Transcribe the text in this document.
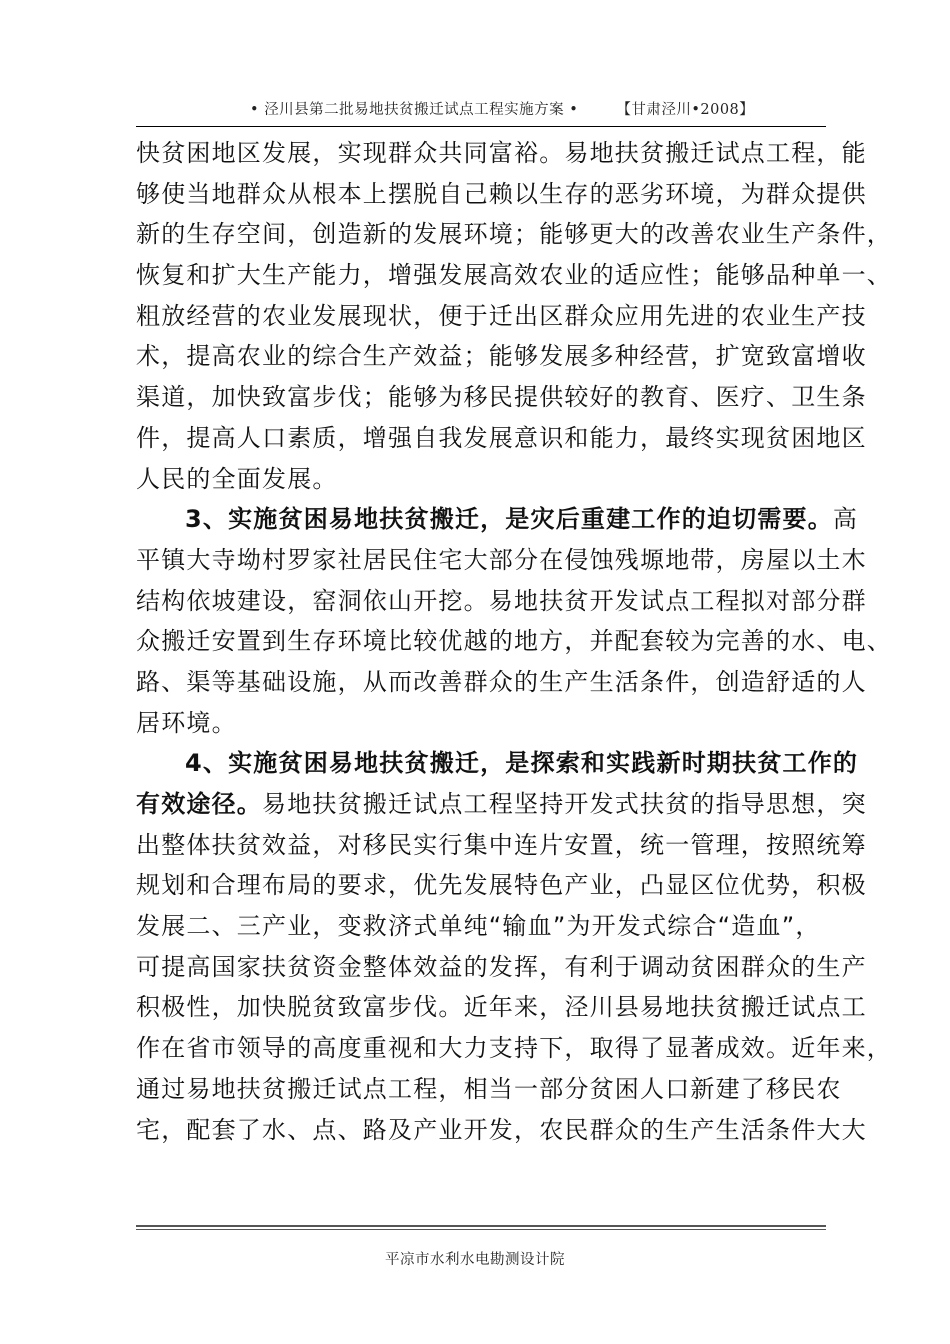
• 泾川县第二批易地扶贫搬迁试点工程实施方案 •	【甘肃泾川•2008】
快贫困地区发展，实现群众共同富裕。易地扶贫搬迁试点工程，能
够使当地群众从根本上摆脱自己赖以生存的恶劣环境，为群众提供
新的生存空间，创造新的发展环境；能够更大的改善农业生产条件，
恢复和扩大生产能力，增强发展高效农业的适应性；能够品种单一、
粗放经营的农业发展现状，便于迁出区群众应用先进的农业生产技
术，提高农业的综合生产效益；能够发展多种经营，扩宽致富增收
渠道，加快致富步伐；能够为移民提供较好的教育、医疗、卫生条
件，提高人口素质，增强自我发展意识和能力，最终实现贫困地区
人民的全面发展。
3、实施贫困易地扶贫搬迁，是灾后重建工作的迫切需要。高
平镇大寺坳村罗家社居民住宅大部分在侵蚀残塬地带，房屋以土木
结构依坡建设，窑洞依山开挖。易地扶贫开发试点工程拟对部分群
众搬迁安置到生存环境比较优越的地方，并配套较为完善的水、电、
路、渠等基础设施，从而改善群众的生产生活条件，创造舒适的人
居环境。
4、实施贫困易地扶贫搬迁，是探索和实践新时期扶贫工作的
有效途径。易地扶贫搬迁试点工程坚持开发式扶贫的指导思想，突
出整体扶贫效益，对移民实行集中连片安置，统一管理，按照统筹
规划和合理布局的要求，优先发展特色产业，凸显区位优势，积极
发展二、三产业，变救济式单纯“输血”为开发式综合“造血”，
可提高国家扶贫资金整体效益的发挥，有利于调动贫困群众的生产
积极性，加快脱贫致富步伐。近年来，泾川县易地扶贫搬迁试点工
作在省市领导的高度重视和大力支持下，取得了显著成效。近年来，
通过易地扶贫搬迁试点工程，相当一部分贫困人口新建了移民农
宅，配套了水、点、路及产业开发，农民群众的生产生活条件大大
平凉市水利水电勘测设计院
